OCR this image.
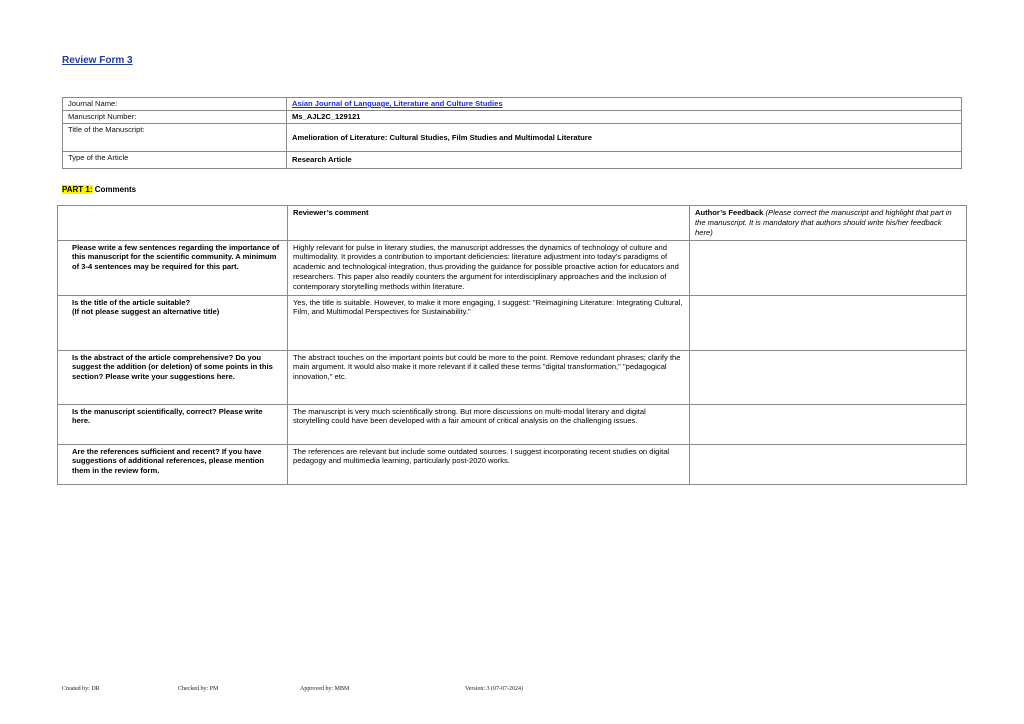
Review Form 3
Journal Name:	Asian Journal of Language, Literature and Culture Studies
Manuscript Number:	Ms_AJL2C_129121
Title of the Manuscript:	Amelioration of Literature: Cultural Studies, Film Studies and Multimodal Literature

Type of the Article	Research Article
PART 1: Comments
	Reviewer’s comment	Author’s Feedback (Please correct the manuscript and highlight that part in the manuscript. It is mandatory that authors should write his/her feedback here)
Please write a few sentences regarding the importance of this manuscript for the scientific community. A minimum of 3-4 sentences may be required for this part.	Highly relevant for pulse in literary studies, the manuscript addresses the dynamics of technology of culture and multimodality. It provides a contribution to important deficiencies: literature adjustment into today’s paradigms of academic and technological integration, thus providing the guidance for possible proactive action for educators and researchers. This paper also readily counters the argument for interdisciplinary approaches and the inclusion of contemporary storytelling methods within literature.	
Is the title of the article suitable?
(If not please suggest an alternative title)	Yes, the title is suitable. However, to make it more engaging, I suggest: "Reimagining Literature: Integrating Cultural, Film, and Multimodal Perspectives for Sustainability."	
Is the abstract of the article comprehensive? Do you suggest the addition (or deletion) of some points in this section? Please write your suggestions here.	The abstract touches on the important points but could be more to the point. Remove redundant phrases; clarify the main argument. It would also make it more relevant if it called these terms "digital transformation," "pedagogical innovation," etc.	
Is the manuscript scientifically, correct? Please write here.	The manuscript is very much scientifically strong. But more discussions on multi-modal literary and digital storytelling could have been developed with a fair amount of critical analysis on the challenging issues.	
Are the references sufficient and recent? If you have suggestions of additional references, please mention them in the review form.	The references are relevant but include some outdated sources. I suggest incorporating recent studies on digital pedagogy and multimedia learning, particularly post-2020 works.	
Created by: DR	Checked by: PM	Approved by: MBM	Version: 3 (07-07-2024)
